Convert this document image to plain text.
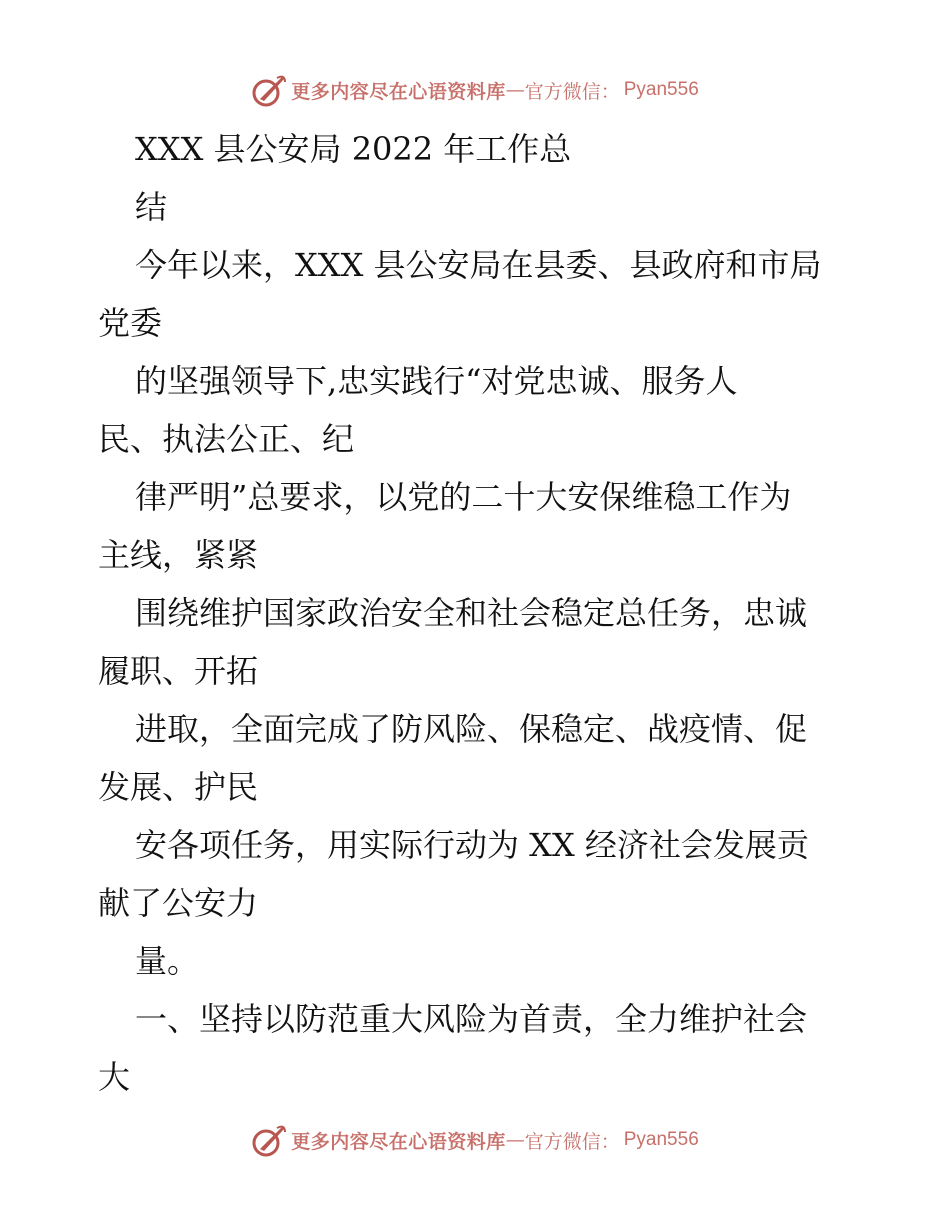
更多内容尽在心语资料库 — 官方微信： Pyan556
XXX 县公安局 2022 年工作总
结
今年以来，XXX 县公安局在县委、县政府和市局
党委
的坚强领导下,忠实践行“对党忠诚、服务人
民、执法公正、纪
律严明”总要求，以党的二十大安保维稳工作为
主线，紧紧
围绕维护国家政治安全和社会稳定总任务，忠诚
履职、开拓
进取，全面完成了防风险、保稳定、战疫情、促
发展、护民
安各项任务，用实际行动为 XX 经济社会发展贡
献了公安力
量。
一、坚持以防范重大风险为首责，全力维护社会
大
更多内容尽在心语资料库 — 官方微信： Pyan556
